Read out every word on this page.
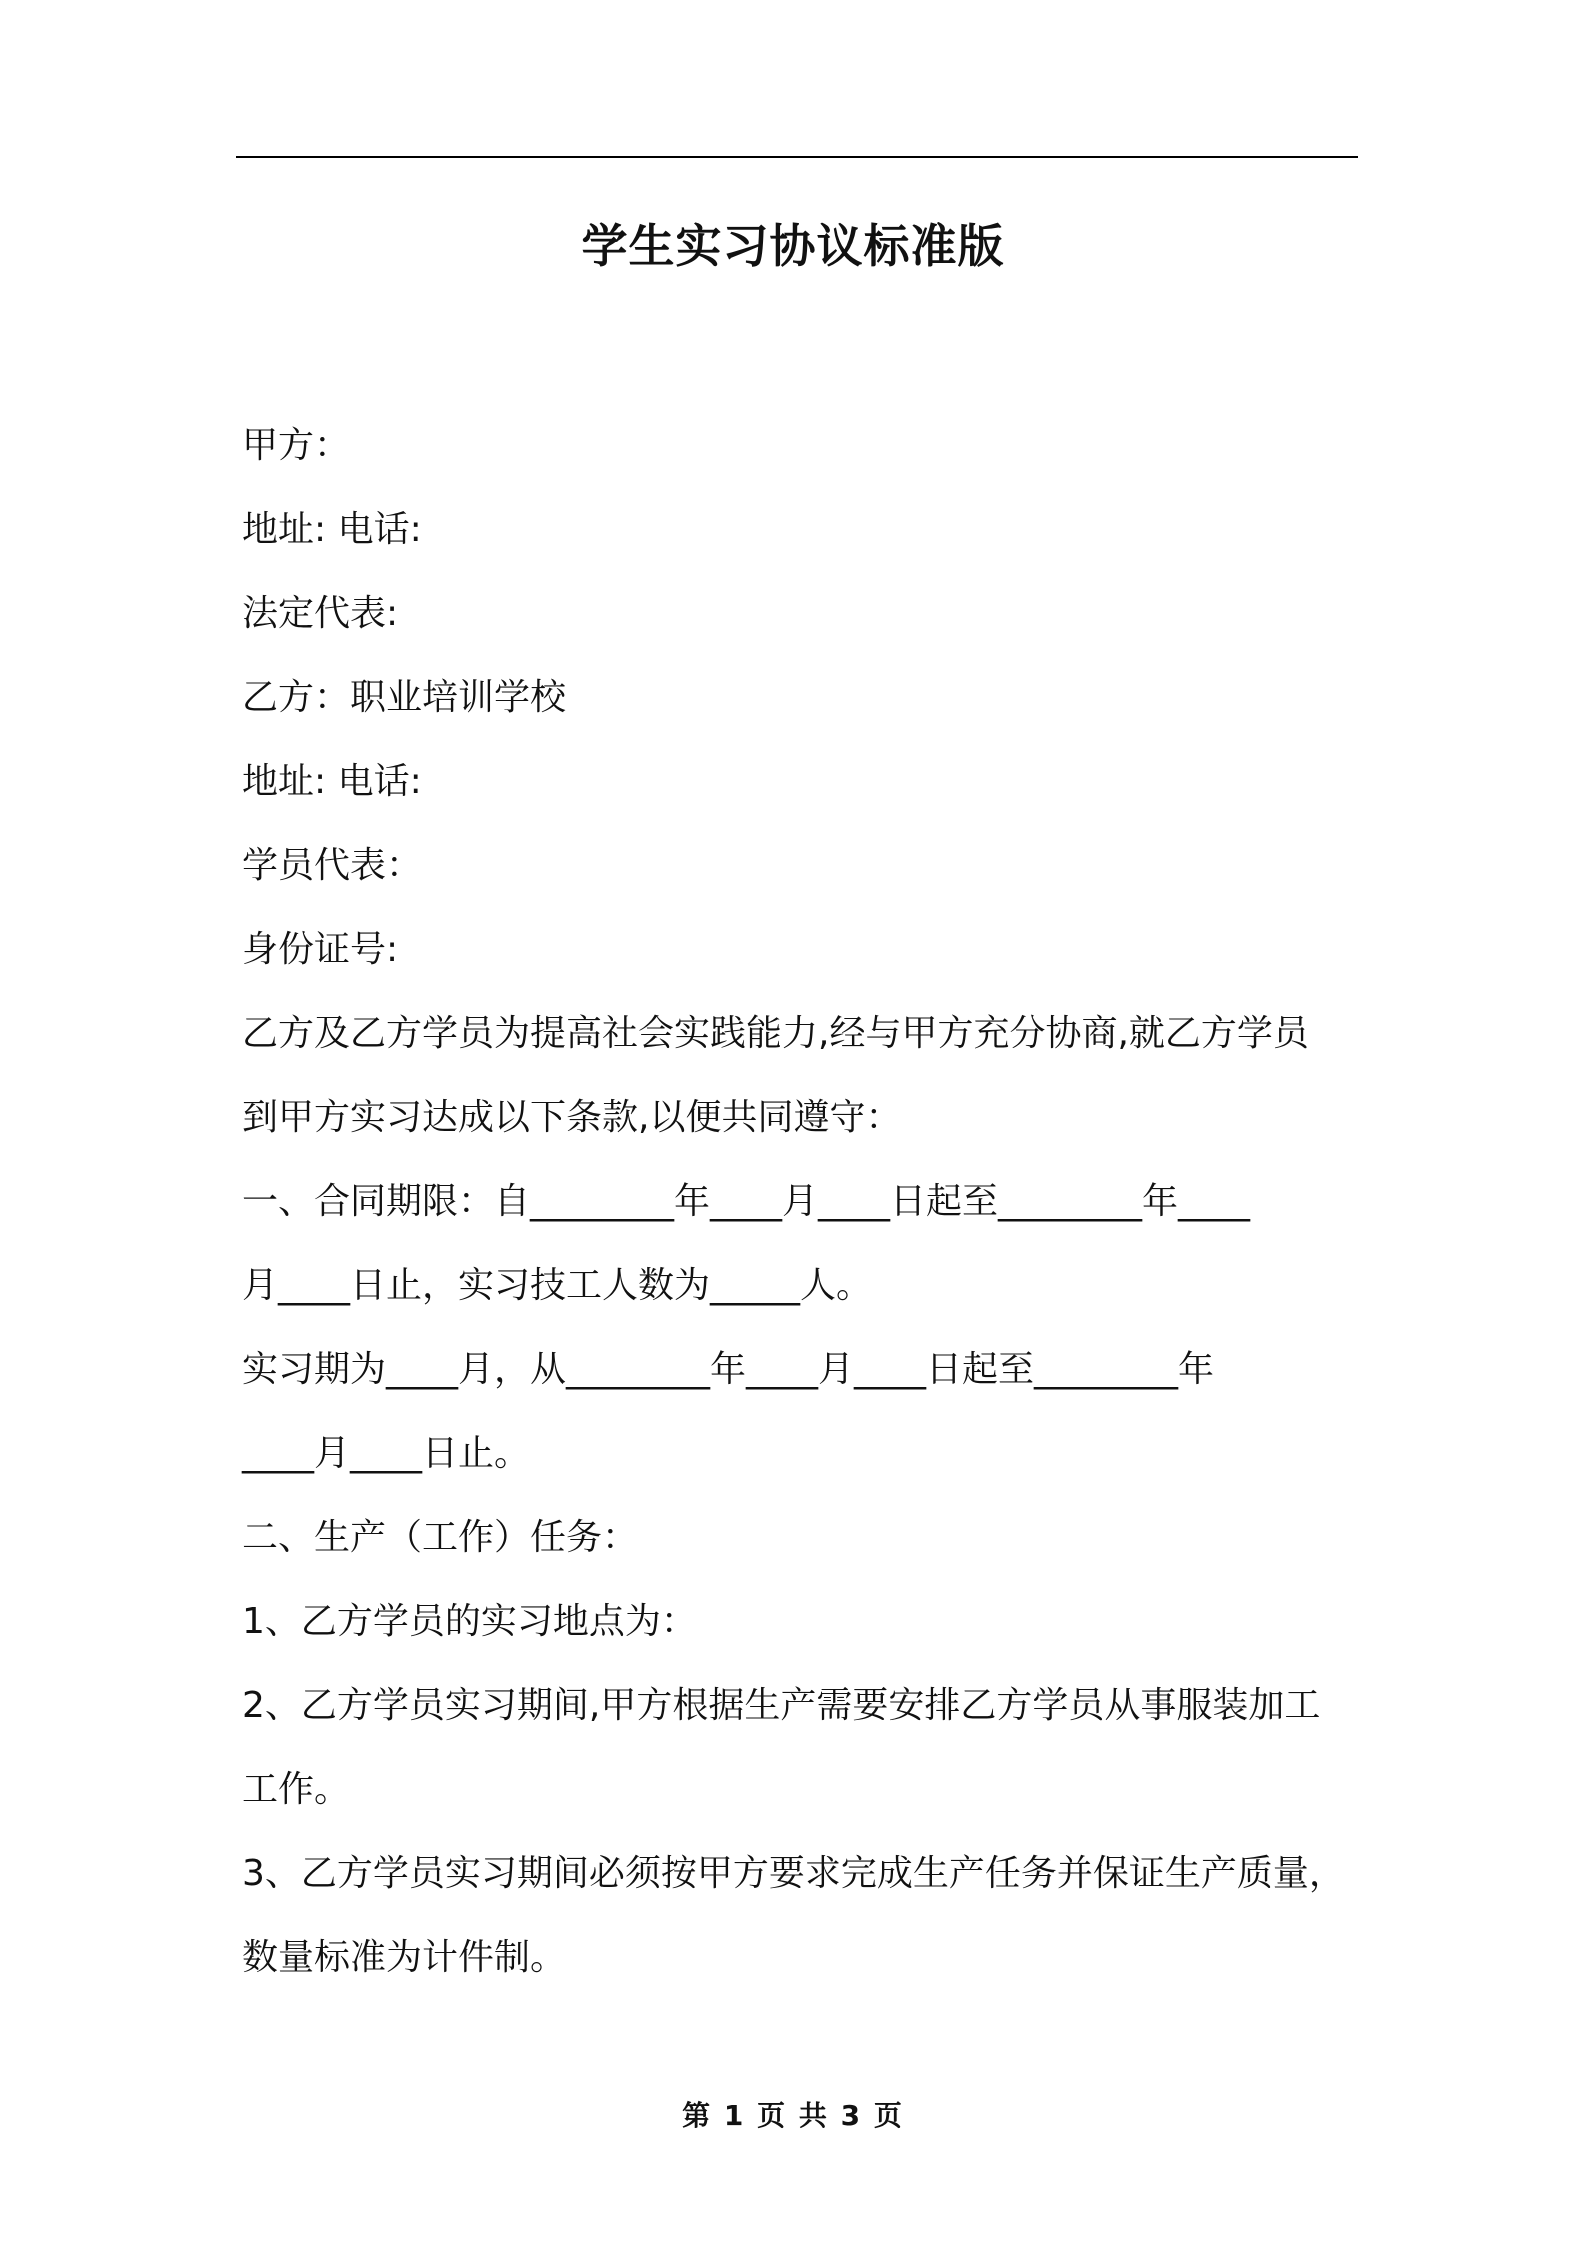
学生实习协议标准版

甲方：

地址: 电话:

法定代表:

乙方：职业培训学校

地址: 电话:

学员代表：

身份证号:

乙方及乙方学员为提高社会实践能力,经与甲方充分协商,就乙方学员

到甲方实习达成以下条款,以便共同遵守：

一、合同期限：自________年____月____日起至________年____

月____日止，实习技工人数为_____人。

实习期为____月，从________年____月____日起至________年

____月____日止。

二、生产（工作）任务：

1、乙方学员的实习地点为：

2、乙方学员实习期间,甲方根据生产需要安排乙方学员从事服装加工

工作。

3、乙方学员实习期间必须按甲方要求完成生产任务并保证生产质量，

数量标准为计件制。

第 1 页 共 3 页
